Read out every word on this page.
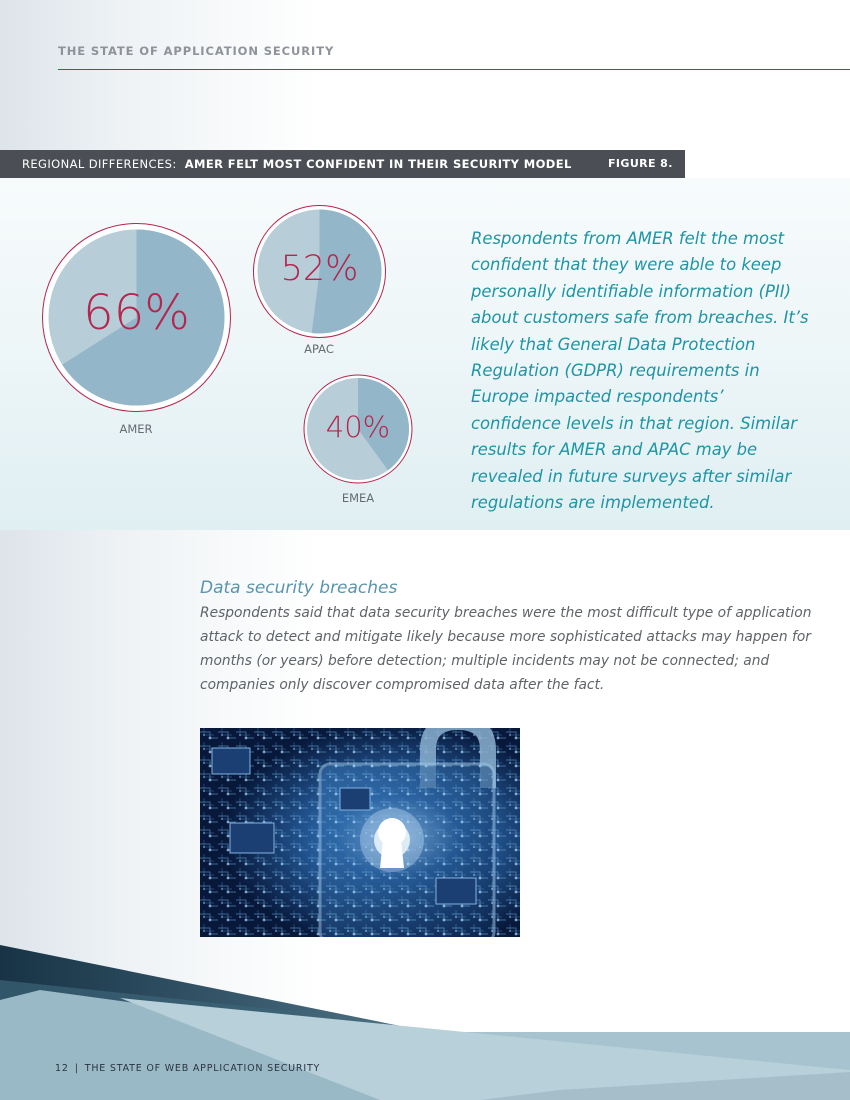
THE STATE OF APPLICATION SECURITY
REGIONAL DIFFERENCES: AMER FELT MOST CONFIDENT IN THEIR SECURITY MODEL	FIGURE 8.
66%
AMER
52%
APAC
40%
EMEA
Respondents from AMER felt the most confident that they were able to keep personally identifiable information (PII) about customers safe from breaches. It’s likely that General Data Protection Regulation (GDPR) requirements in Europe impacted respondents’ confidence levels in that region. Similar results for AMER and APAC may be revealed in future surveys after similar regulations are implemented.
Data security breaches
Respondents said that data security breaches were the most difficult type of application attack to detect and mitigate likely because more sophisticated attacks may happen for months (or years) before detection; multiple incidents may not be connected; and companies only discover compromised data after the fact.
12 | THE STATE OF WEB APPLICATION SECURITY
